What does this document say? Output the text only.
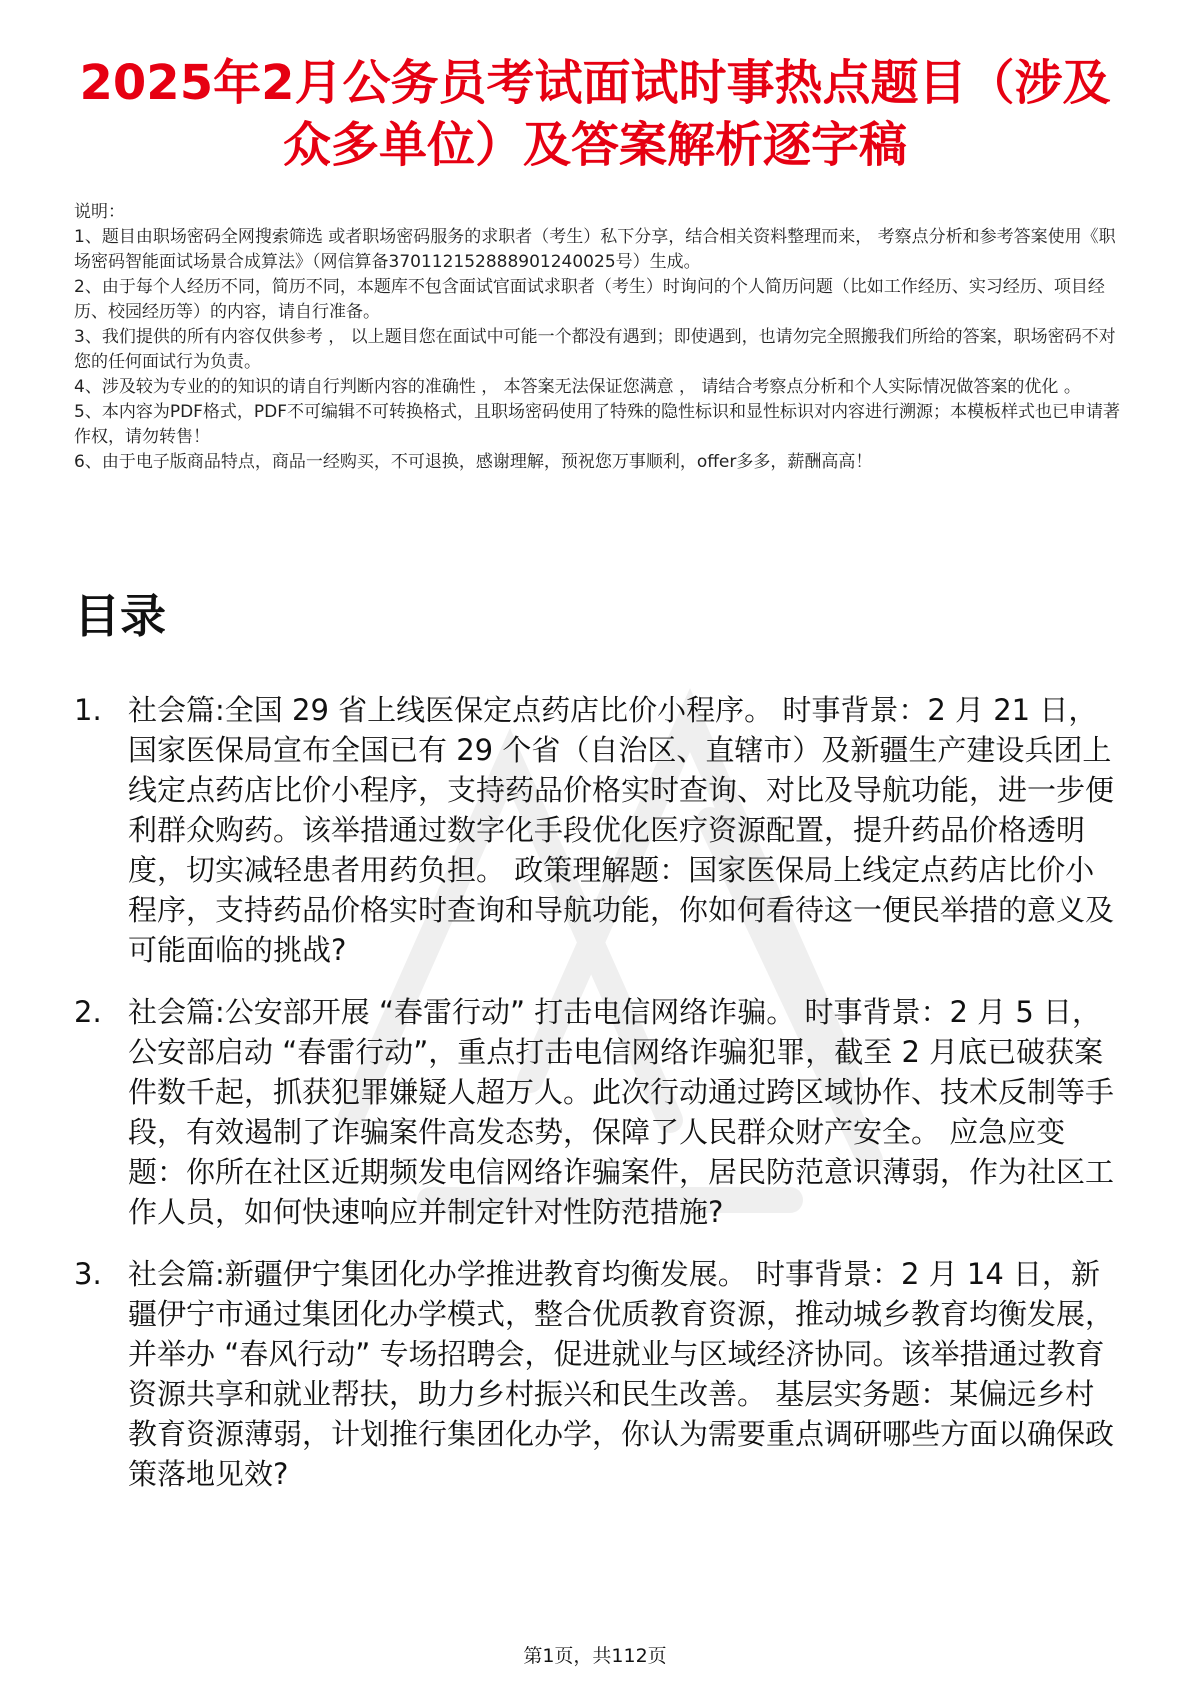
2025年2月公务员考试面试时事热点题目（涉及众多单位）及答案解析逐字稿

说明：

1、题目由职场密码全网搜索筛选 或者职场密码服务的求职者（考生）私下分享，结合相关资料整理而来， 考察点分析和参考答案使用《职场密码智能面试场景合成算法》（网信算备370112152888901240025号）生成。

2、由于每个人经历不同，简历不同，本题库不包含面试官面试求职者（考生）时询问的个人简历问题（比如工作经历、实习经历、项目经历、校园经历等）的内容，请自行准备。

3、我们提供的所有内容仅供参考 ， 以上题目您在面试中可能一个都没有遇到；即使遇到，也请勿完全照搬我们所给的答案，职场密码不对您的任何面试行为负责。

4、涉及较为专业的的知识的请自行判断内容的准确性 ， 本答案无法保证您满意 ， 请结合考察点分析和个人实际情况做答案的优化 。

5、本内容为PDF格式，PDF不可编辑不可转换格式，且职场密码使用了特殊的隐性标识和显性标识对内容进行溯源；本模板样式也已申请著作权，请勿转售！

6、由于电子版商品特点，商品一经购买，不可退换，感谢理解，预祝您万事顺利，offer多多，薪酬高高！

目录
1. 社会篇:全国 29 省上线医保定点药店比价小程序。 时事背景：2 月 21 日，国家医保局宣布全国已有 29 个省（自治区、直辖市）及新疆生产建设兵团上线定点药店比价小程序，支持药品价格实时查询、对比及导航功能，进一步便利群众购药。该举措通过数字化手段优化医疗资源配置，提升药品价格透明度，切实减轻患者用药负担。 政策理解题：国家医保局上线定点药店比价小程序，支持药品价格实时查询和导航功能，你如何看待这一便民举措的意义及可能面临的挑战?
2. 社会篇:公安部开展 “春雷行动” 打击电信网络诈骗。 时事背景：2 月 5 日，公安部启动 “春雷行动”，重点打击电信网络诈骗犯罪，截至 2 月底已破获案件数千起，抓获犯罪嫌疑人超万人。此次行动通过跨区域协作、技术反制等手段，有效遏制了诈骗案件高发态势，保障了人民群众财产安全。 应急应变题：你所在社区近期频发电信网络诈骗案件，居民防范意识薄弱，作为社区工作人员，如何快速响应并制定针对性防范措施?
3. 社会篇:新疆伊宁集团化办学推进教育均衡发展。 时事背景：2 月 14 日，新疆伊宁市通过集团化办学模式，整合优质教育资源，推动城乡教育均衡发展，并举办 “春风行动” 专场招聘会，促进就业与区域经济协同。该举措通过教育资源共享和就业帮扶，助力乡村振兴和民生改善。 基层实务题：某偏远乡村教育资源薄弱，计划推行集团化办学，你认为需要重点调研哪些方面以确保政策落地见效?
第1页，共112页
